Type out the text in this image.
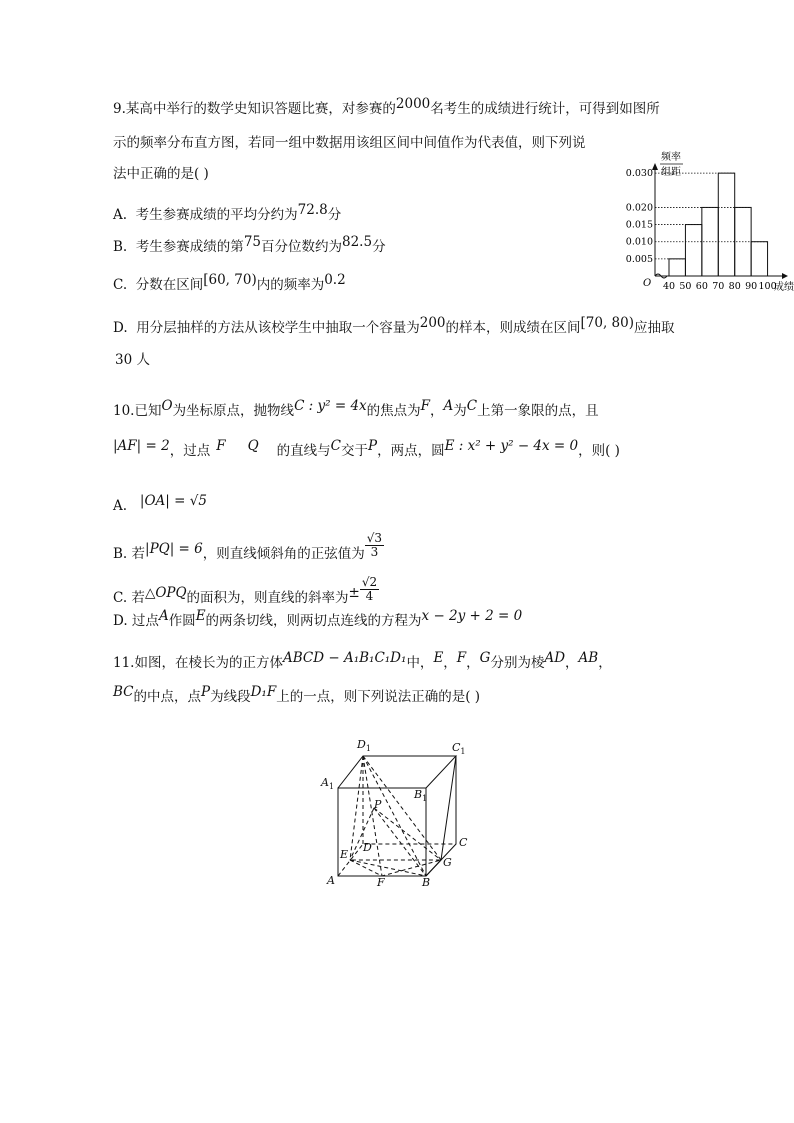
9.某高中举行的数学史知识答题比赛，对参赛的2000名考生的成绩进行统计，可得到如图所
示的频率分布直方图，若同一组中数据用该组区间中间值作为代表值，则下列说
法中正确的是( )
A. 考生参赛成绩的平均分约为72.8分
B. 考生参赛成绩的第75百分位数约为82.5分
C. 分数在区间[60, 70)内的频率为0.2
D. 用分层抽样的方法从该校学生中抽取一个容量为200的样本，则成绩在区间[70, 80)应抽取
30 人
频率
组距
0.005
0.010
0.015
0.020
0.030
O 40 50 60 70 80 90 100
成绩
10.已知O为坐标原点，抛物线C : y² = 4x的焦点为F，A为C上第一象限的点，且
|AF| = 2，过点 F Q 的直线与C交于P，两点，圆E : x² + y² − 4x = 0，则( )
A. |OA| = √5
B. 若|PQ| = 6，则直线倾斜角的正弦值为 $\frac{√3}{3}$
C. 若△OPQ的面积为，则直线的斜率为± $\frac{√2}{4}$
D. 过点A作圆E的两条切线，则两切点连线的方程为x − 2y + 2 = 0
11.如图，在棱长为的正方体ABCD − A₁B₁C₁D₁中，E，F，G分别为棱AD，AB，
BC的中点，点P为线段D₁F上的一点，则下列说法正确的是( )
$D_1$	$C_1$
$A_1$
$B_1$
P
D	C
E
G
A	F	B
